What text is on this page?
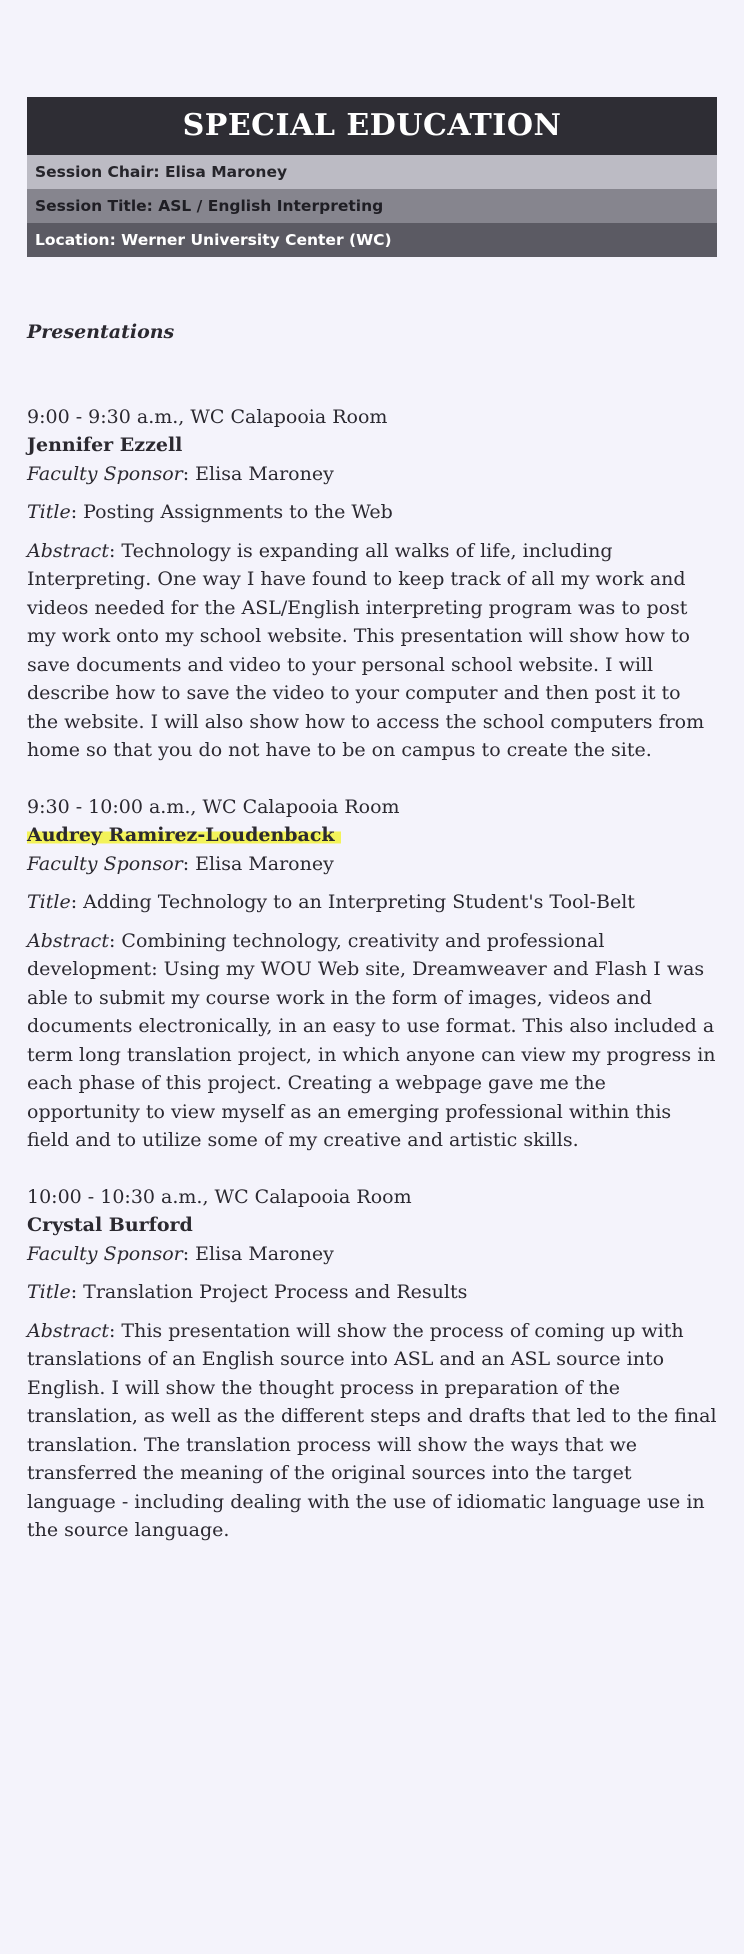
SPECIAL EDUCATION
Session Chair: Elisa Maroney
Session Title: ASL / English Interpreting
Location: Werner University Center (WC)

Presentations

9:00 - 9:30 a.m., WC Calapooia Room

Jennifer Ezzell

Faculty Sponsor: Elisa Maroney

Title: Posting Assignments to the Web

Abstract: Technology is expanding all walks of life, including Interpreting. One way I have found to keep track of all my work and videos needed for the ASL/English interpreting program was to post my work onto my school website. This presentation will show how to save documents and video to your personal school website. I will describe how to save the video to your computer and then post it to the website. I will also show how to access the school computers from home so that you do not have to be on campus to create the site.

9:30 - 10:00 a.m., WC Calapooia Room

Audrey Ramirez-Loudenback

Faculty Sponsor: Elisa Maroney

Title: Adding Technology to an Interpreting Student's Tool-Belt

Abstract: Combining technology, creativity and professional development: Using my WOU Web site, Dreamweaver and Flash I was able to submit my course work in the form of images, videos and documents electronically, in an easy to use format. This also included a term long translation project, in which anyone can view my progress in each phase of this project. Creating a webpage gave me the opportunity to view myself as an emerging professional within this field and to utilize some of my creative and artistic skills.

10:00 - 10:30 a.m., WC Calapooia Room

Crystal Burford

Faculty Sponsor: Elisa Maroney

Title: Translation Project Process and Results

Abstract: This presentation will show the process of coming up with translations of an English source into ASL and an ASL source into English. I will show the thought process in preparation of the translation, as well as the different steps and drafts that led to the final translation. The translation process will show the ways that we transferred the meaning of the original sources into the target language - including dealing with the use of idiomatic language use in the source language.
